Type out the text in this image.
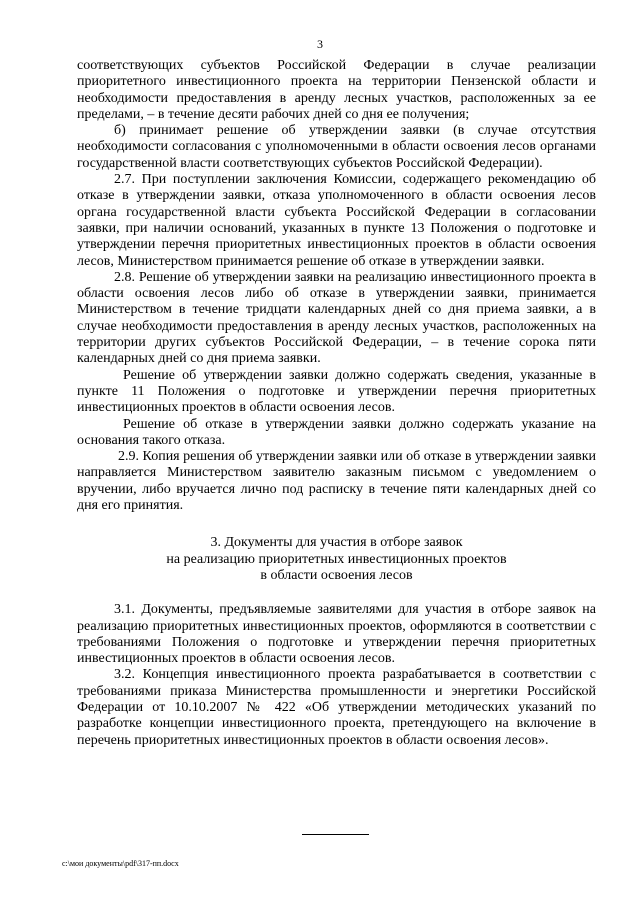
3

соответствующих субъектов Российской Федерации в случае реализации приоритетного инвестиционного проекта на территории Пензенской области и необходимости предоставления в аренду лесных участков, расположенных за ее пределами, – в течение десяти рабочих дней со дня ее получения;

б) принимает решение об утверждении заявки (в случае отсутствия необходимости согласования с уполномоченными в области освоения лесов органами государственной власти соответствующих субъектов Российской Федерации).

2.7. При поступлении заключения Комиссии, содержащего рекомендацию об отказе в утверждении заявки, отказа уполномоченного в области освоения лесов органа государственной власти субъекта Российской Федерации в согласовании заявки, при наличии оснований, указанных в пункте 13 Положения о подготовке и утверждении перечня приоритетных инвестиционных проектов в области освоения лесов, Министерством принимается решение об отказе в утверждении заявки.

2.8. Решение об утверждении заявки на реализацию инвестиционного проекта в области освоения лесов либо об отказе в утверждении заявки, принимается Министерством в течение тридцати календарных дней со дня приема заявки, а в случае необходимости предоставления в аренду лесных участков, расположенных на территории других субъектов Российской Федерации, – в течение сорока пяти календарных дней со дня приема заявки.

Решение об утверждении заявки должно содержать сведения, указанные в пункте 11 Положения о подготовке и утверждении перечня приоритетных инвестиционных проектов в области освоения лесов.

Решение об отказе в утверждении заявки должно содержать указание на основания такого отказа.

2.9. Копия решения об утверждении заявки или об отказе в утверждении заявки направляется Министерством заявителю заказным письмом с уведомлением о вручении, либо вручается лично под расписку в течение пяти календарных дней со дня его принятия.

3. Документы для участия в отборе заявок
на реализацию приоритетных инвестиционных проектов
в области освоения лесов

3.1. Документы, предъявляемые заявителями для участия в отборе заявок на реализацию приоритетных инвестиционных проектов, оформляются в соответствии с требованиями Положения о подготовке и утверждении перечня приоритетных инвестиционных проектов в области освоения лесов.

3.2. Концепция инвестиционного проекта разрабатывается в соответствии с требованиями приказа Министерства промышленности и энергетики Российской Федерации от 10.10.2007 № 422 «Об утверждении методических указаний по разработке концепции инвестиционного проекта, претендующего на включение в перечень приоритетных инвестиционных проектов в области освоения лесов».

c:\мои документы\pdf\317-пп.docx
